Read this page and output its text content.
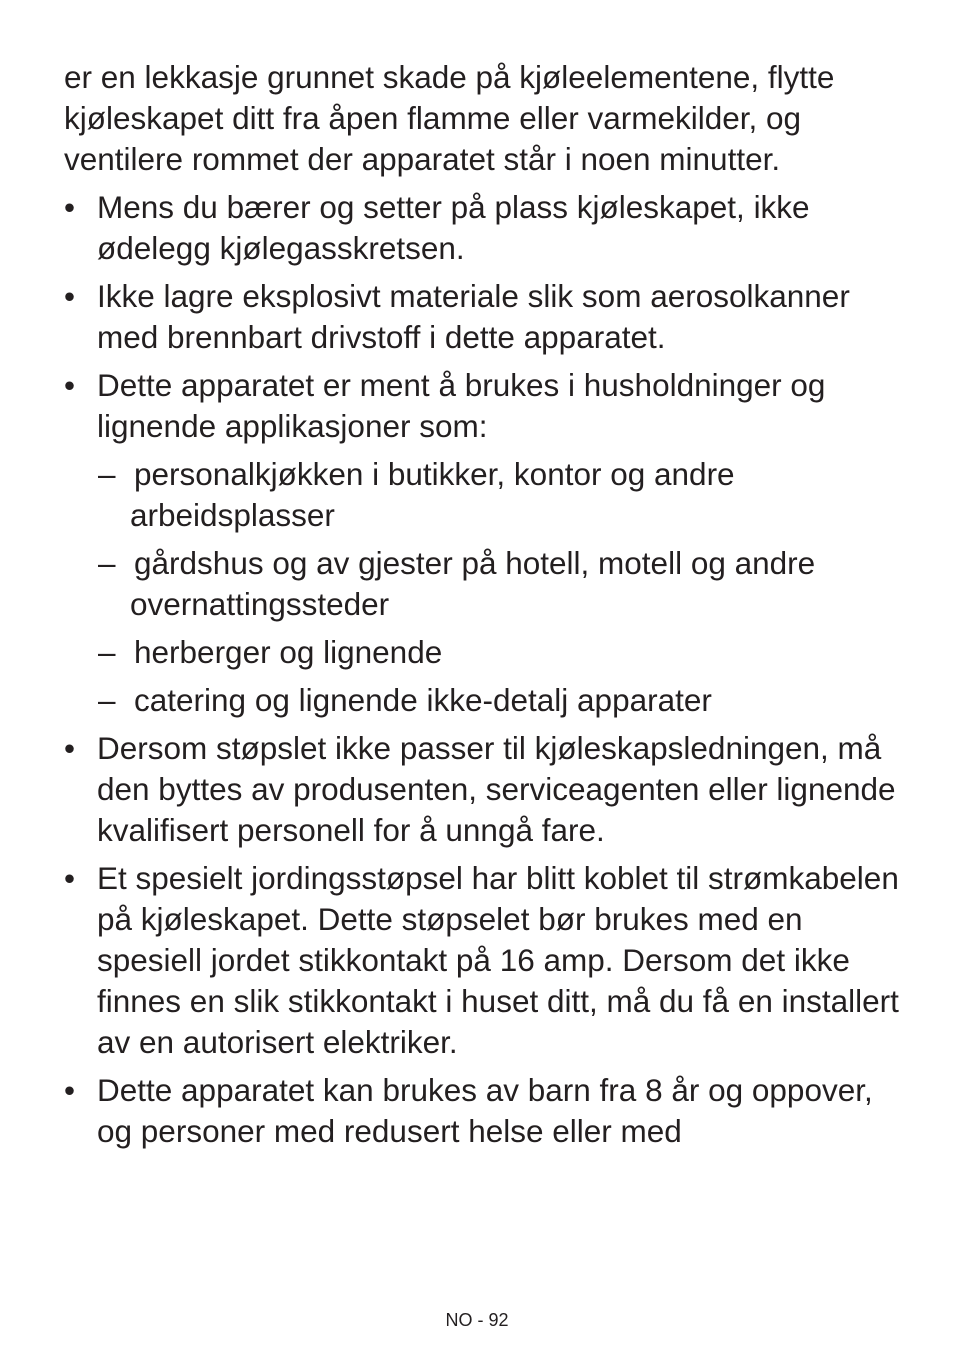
er en lekkasje grunnet skade på kjøleelementene, flytte kjøleskapet ditt fra åpen flamme eller varmekilder, og ventilere rommet der apparatet står i noen minutter.

• Mens du bærer og setter på plass kjøleskapet, ikke ødelegg kjølegasskretsen.
• Ikke lagre eksplosivt materiale slik som aerosolkanner med brennbart drivstoff i dette apparatet.
• Dette apparatet er ment å brukes i husholdninger og lignende applikasjoner som:
– personalkjøkken i butikker, kontor og andre arbeidsplasser
– gårdshus og av gjester på hotell, motell og andre overnattingssteder
– herberger og lignende
– catering og lignende ikke-detalj apparater
• Dersom støpslet ikke passer til kjøleskapsledningen, må den byttes av produsenten, serviceagenten eller lignende kvalifisert personell for å unngå fare.
• Et spesielt jordingsstøpsel har blitt koblet til strømkabelen på kjøleskapet. Dette støpselet bør brukes med en spesiell jordet stikkontakt på 16 amp. Dersom det ikke finnes en slik stikkontakt i huset ditt, må du få en installert av en autorisert elektriker.
• Dette apparatet kan brukes av barn fra 8 år og oppover, og personer med redusert helse eller med
NO - 92
